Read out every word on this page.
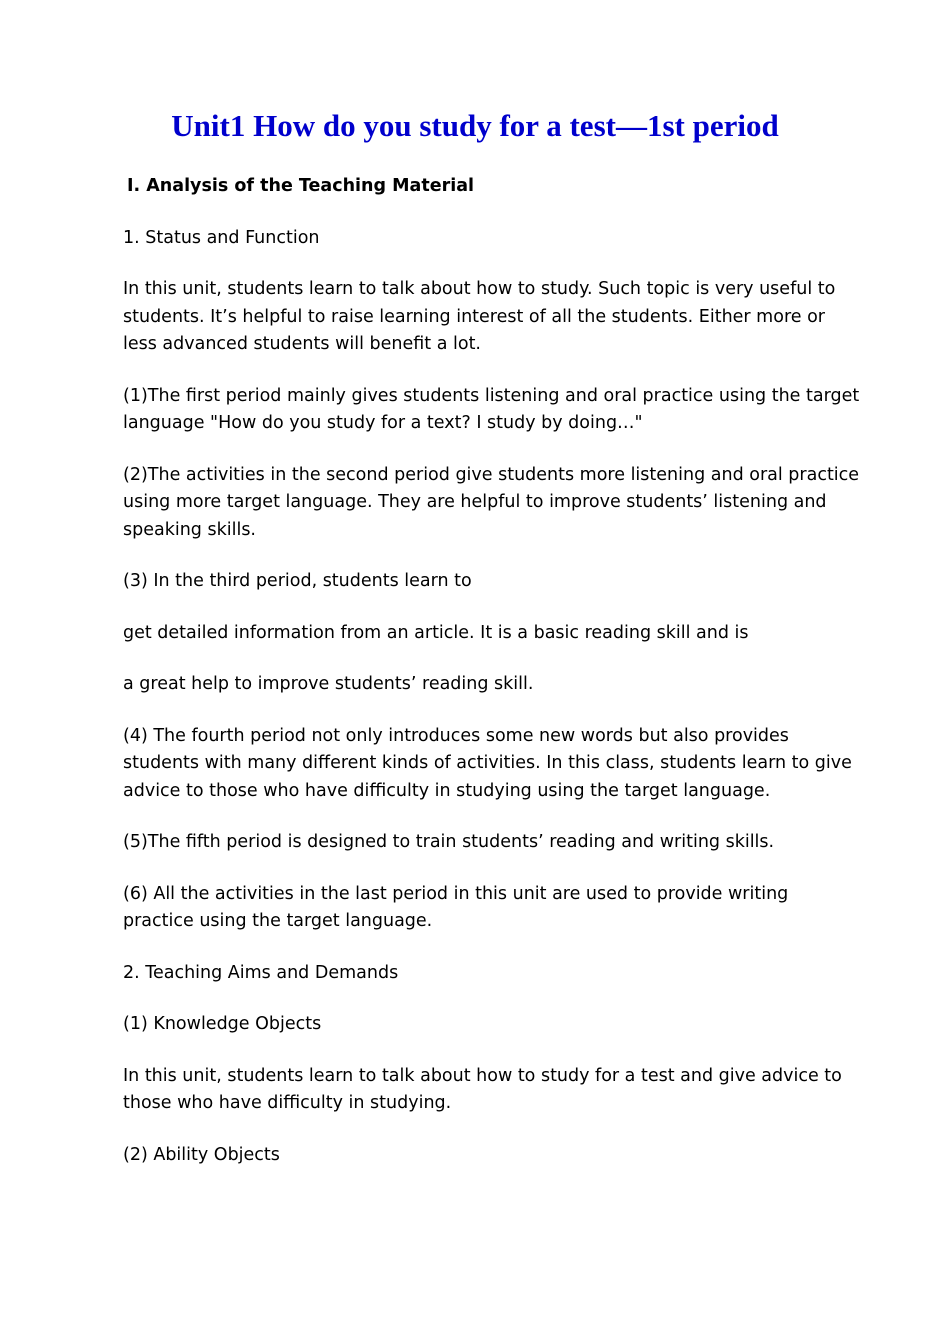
Unit1 How do you study for a test—1st period

Ⅰ. Analysis of the Teaching Material

1. Status and Function

In this unit, students learn to talk about how to study. Such topic is very useful to students. It’s helpful to raise learning interest of all the students. Either more or less advanced students will benefit a lot.

(1)The first period mainly gives students listening and oral practice using the target language "How do you study for a text? I study by doing…"

(2)The activities in the second period give students more listening and oral practice using more target language. They are helpful to improve students’ listening and speaking skills.

(3) In the third period, students learn to

get detailed information from an article. It is a basic reading skill and is

a great help to improve students’ reading skill.

(4) The fourth period not only introduces some new words but also provides students with many different kinds of activities. In this class, students learn to give advice to those who have difficulty in studying using the target language.

(5)The fifth period is designed to train students’ reading and writing skills.

(6) All the activities in the last period in this unit are used to provide writing practice using the target language.

2. Teaching Aims and Demands

(1) Knowledge Objects

In this unit, students learn to talk about how to study for a test and give advice to those who have difficulty in studying.

(2) Ability Objects
